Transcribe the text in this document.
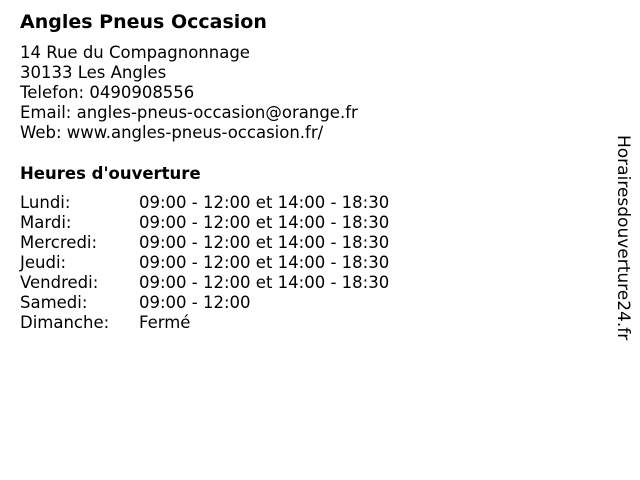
Angles Pneus Occasion
14 Rue du Compagnonnage
30133 Les Angles
Telefon: 0490908556
Email: angles-pneus-occasion@orange.fr
Web: www.angles-pneus-occasion.fr/
Heures d'ouverture
Lundi:	09:00 - 12:00 et 14:00 - 18:30
Mardi:	09:00 - 12:00 et 14:00 - 18:30
Mercredi:	09:00 - 12:00 et 14:00 - 18:30
Jeudi:	09:00 - 12:00 et 14:00 - 18:30
Vendredi: 09:00 - 12:00 et 14:00 - 18:30
Samedi:	09:00 - 12:00
Dimanche: Fermé	Horairesdouverture24.fr
